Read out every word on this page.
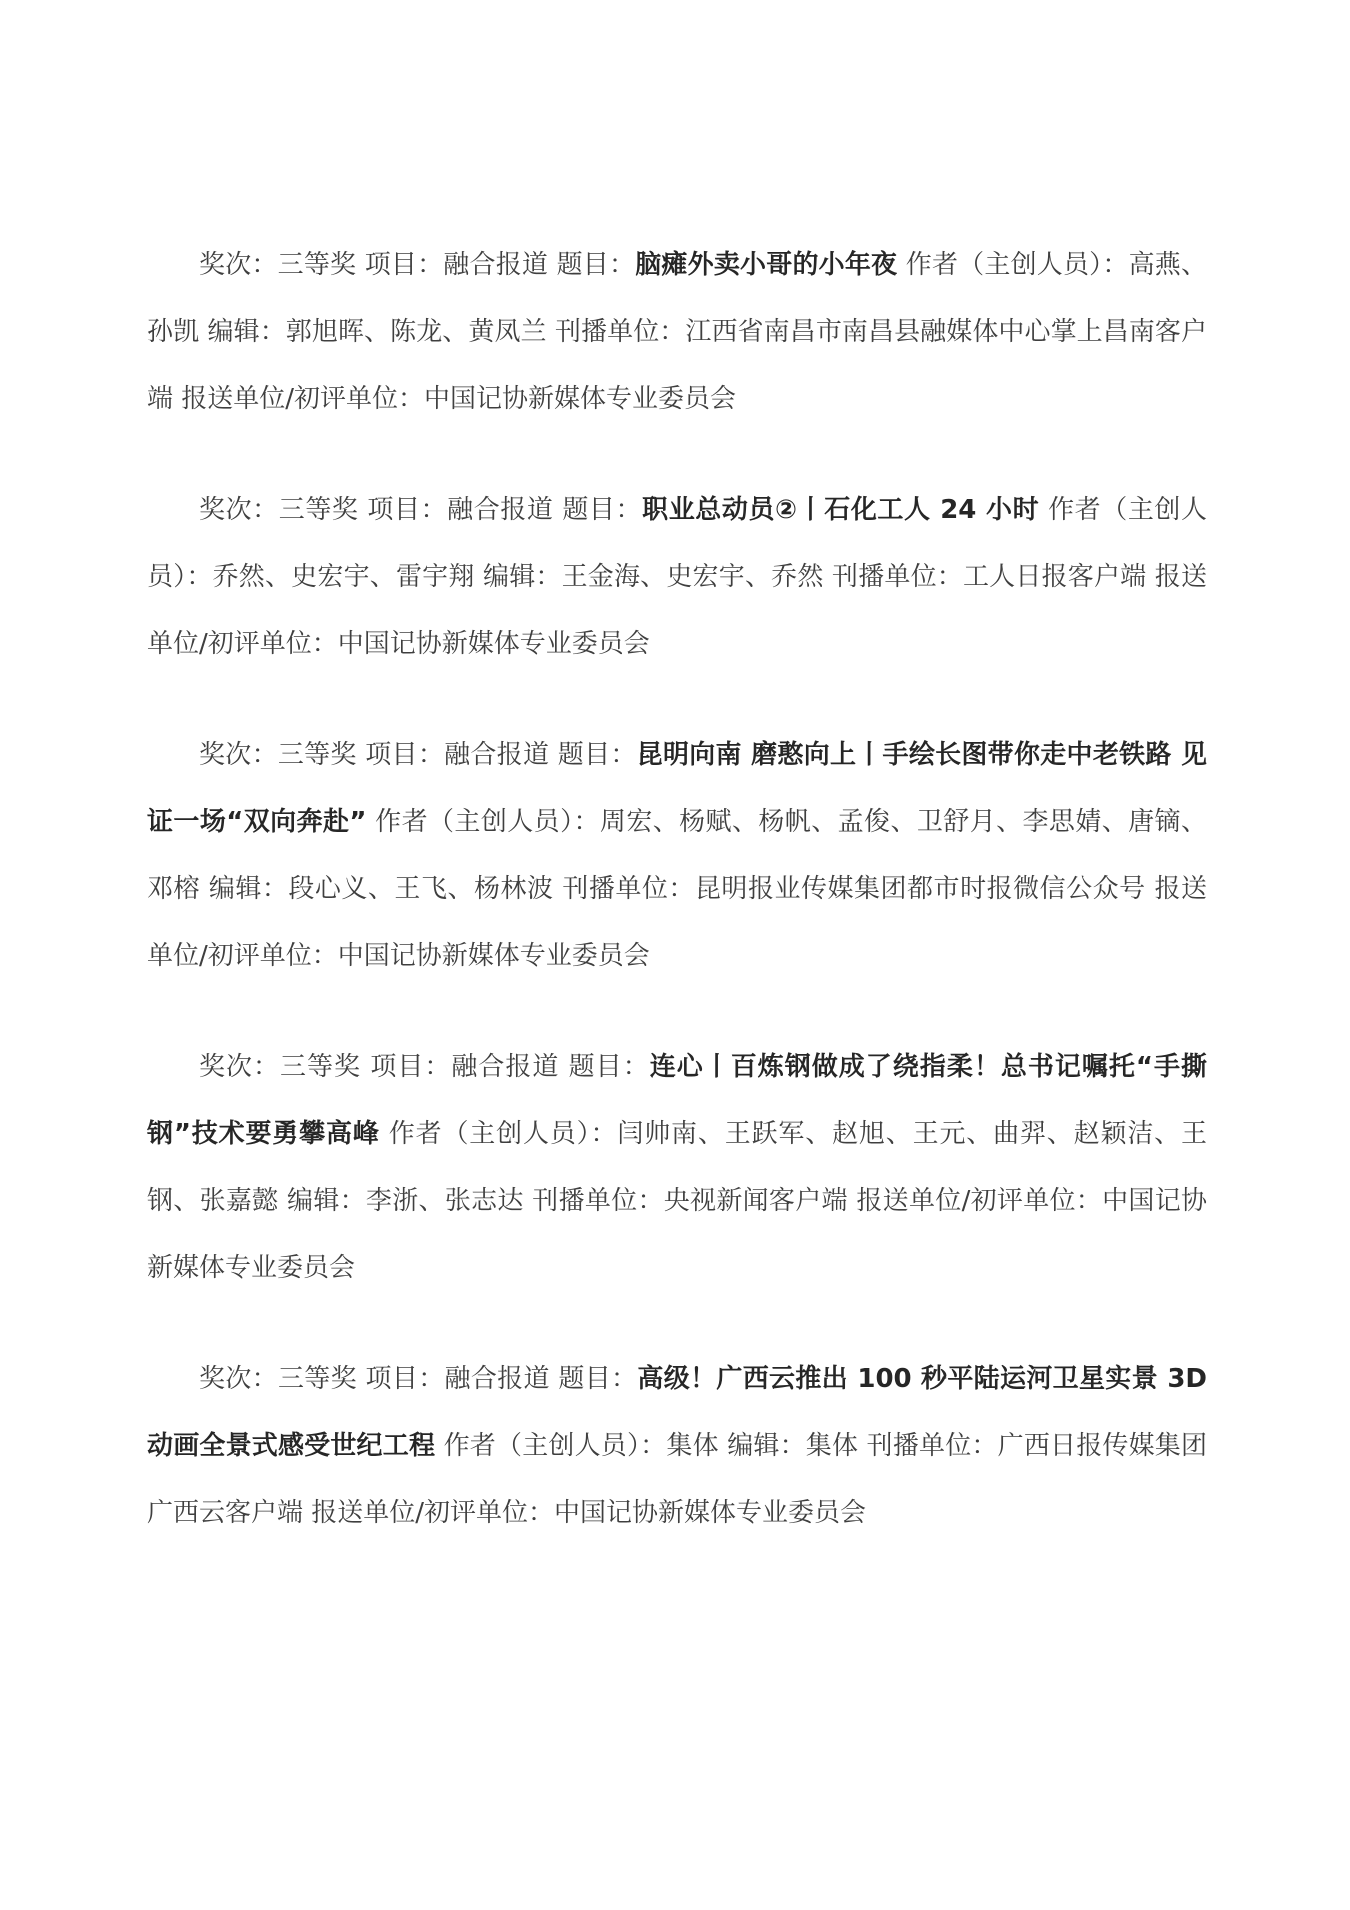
奖次：三等奖 项目：融合报道 题目：脑瘫外卖小哥的小年夜 作者（主创人员）：高燕、孙凯 编辑：郭旭晖、陈龙、黄凤兰 刊播单位：江西省南昌市南昌县融媒体中心掌上昌南客户端 报送单位/初评单位：中国记协新媒体专业委员会

奖次：三等奖 项目：融合报道 题目：职业总动员②丨石化工人 24 小时 作者（主创人员）：乔然、史宏宇、雷宇翔 编辑：王金海、史宏宇、乔然 刊播单位：工人日报客户端 报送单位/初评单位：中国记协新媒体专业委员会

奖次：三等奖 项目：融合报道 题目：昆明向南 磨憨向上丨手绘长图带你走中老铁路 见证一场“双向奔赴” 作者（主创人员）：周宏、杨赋、杨帆、孟俊、卫舒月、李思婧、唐镝、邓榕 编辑：段心义、王飞、杨林波 刊播单位：昆明报业传媒集团都市时报微信公众号 报送单位/初评单位：中国记协新媒体专业委员会

奖次：三等奖 项目：融合报道 题目：连心丨百炼钢做成了绕指柔！总书记嘱托“手撕钢”技术要勇攀高峰 作者（主创人员）：闫帅南、王跃军、赵旭、王元、曲羿、赵颖洁、王钢、张嘉懿 编辑：李浙、张志达 刊播单位：央视新闻客户端 报送单位/初评单位：中国记协新媒体专业委员会

奖次：三等奖 项目：融合报道 题目：高级！广西云推出 100 秒平陆运河卫星实景 3D 动画全景式感受世纪工程 作者（主创人员）：集体 编辑：集体 刊播单位：广西日报传媒集团广西云客户端 报送单位/初评单位：中国记协新媒体专业委员会
